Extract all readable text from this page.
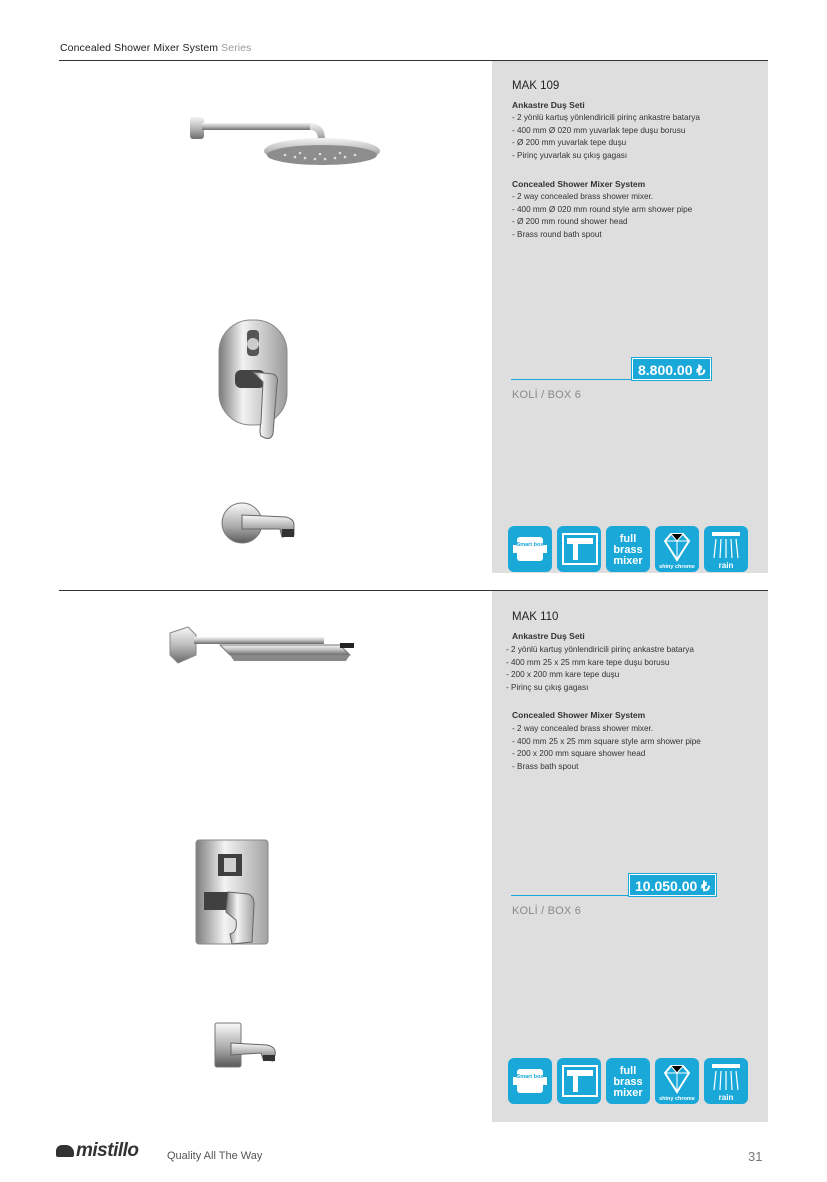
Concealed Shower Mixer System Series
MAK 109
Ankastre Duş Seti
- 2 yönlü kartuş yönlendiricili pirinç ankastre batarya
- 400 mm Ø 020 mm yuvarlak tepe duşu borusu
- Ø 200 mm yuvarlak tepe duşu
- Pirinç yuvarlak su çıkış gagası
Concealed Shower Mixer System
- 2 way concealed brass shower mixer.
- 400 mm Ø 020 mm round style arm shower pipe
- Ø 200 mm round shower head
- Brass round bath spout
8.800.00 ₺
KOLİ / BOX 6
Smart box	full
brass
mixer	shiny chrome	rain
MAK 110
Ankastre Duş Seti
- 2 yönlü kartuş yönlendiricili pirinç ankastre batarya
- 400 mm 25 x 25 mm kare tepe duşu borusu
- 200 x 200 mm kare tepe duşu
- Pirinç su çıkış gagası
Concealed Shower Mixer System
- 2 way concealed brass shower mixer.
- 400 mm 25 x 25 mm square style arm shower pipe
- 200 x 200 mm square shower head
- Brass bath spout
10.050.00 ₺
KOLİ / BOX 6
Smart box	full
brass
mixer	shiny chrome	rain
mistillo	Quality All The Way	31
